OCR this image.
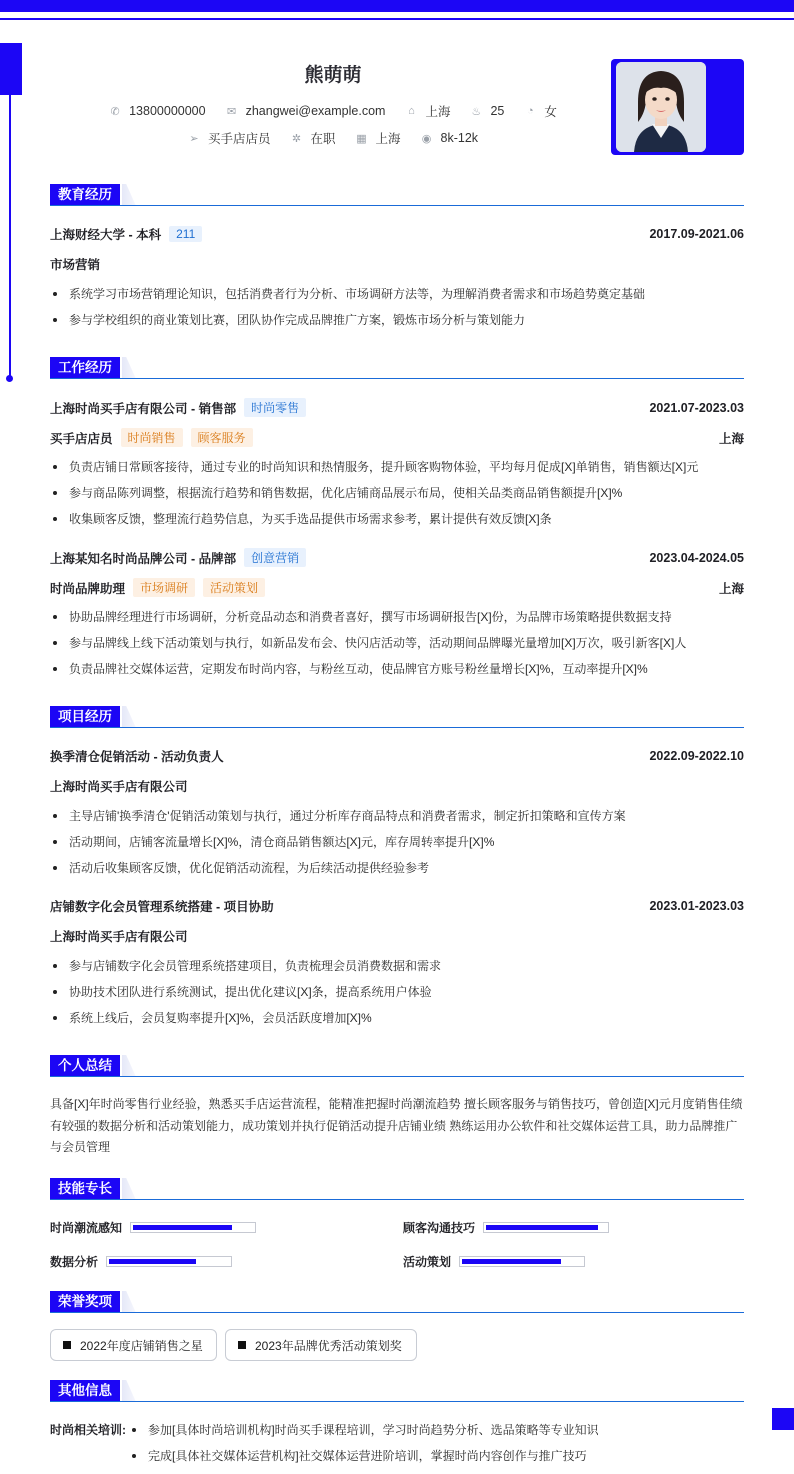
熊萌萌
✆ 13800000000 ✉ zhangwei@example.com ⌂ 上海 ♨ 25 ◔ 女
➢ 买手店店员 ✲ 在职 ▦ 上海 ◉ 8k-12k
教育经历
上海财经大学 - 本科	211	2017.09-2021.06
市场营销
系统学习市场营销理论知识，包括消费者行为分析、市场调研方法等，为理解消费者需求和市场趋势奠定基础
参与学校组织的商业策划比赛，团队协作完成品牌推广方案，锻炼市场分析与策划能力
工作经历
上海时尚买手店有限公司 - 销售部	时尚零售	2021.07-2023.03
买手店店员	时尚销售	顾客服务	上海
负责店铺日常顾客接待，通过专业的时尚知识和热情服务，提升顾客购物体验，平均每月促成[X]单销售，销售额达[X]元
参与商品陈列调整，根据流行趋势和销售数据，优化店铺商品展示布局，使相关品类商品销售额提升[X]%
收集顾客反馈，整理流行趋势信息，为买手选品提供市场需求参考，累计提供有效反馈[X]条
上海某知名时尚品牌公司 - 品牌部	创意营销	2023.04-2024.05
时尚品牌助理	市场调研	活动策划	上海
协助品牌经理进行市场调研，分析竞品动态和消费者喜好，撰写市场调研报告[X]份，为品牌市场策略提供数据支持
参与品牌线上线下活动策划与执行，如新品发布会、快闪店活动等，活动期间品牌曝光量增加[X]万次，吸引新客[X]人
负责品牌社交媒体运营，定期发布时尚内容，与粉丝互动，使品牌官方账号粉丝量增长[X]%，互动率提升[X]%
项目经历
换季清仓促销活动 - 活动负责人	2022.09-2022.10
上海时尚买手店有限公司
主导店铺'换季清仓'促销活动策划与执行，通过分析库存商品特点和消费者需求，制定折扣策略和宣传方案
活动期间，店铺客流量增长[X]%，清仓商品销售额达[X]元，库存周转率提升[X]%
活动后收集顾客反馈，优化促销活动流程，为后续活动提供经验参考
店铺数字化会员管理系统搭建 - 项目协助	2023.01-2023.03
上海时尚买手店有限公司
参与店铺数字化会员管理系统搭建项目，负责梳理会员消费数据和需求
协助技术团队进行系统测试，提出优化建议[X]条，提高系统用户体验
系统上线后，会员复购率提升[X]%，会员活跃度增加[X]%
个人总结
具备[X]年时尚零售行业经验，熟悉买手店运营流程，能精准把握时尚潮流趋势 擅长顾客服务与销售技巧，曾创造[X]元月度销售佳绩 有较强的数据分析和活动策划能力，成功策划并执行促销活动提升店铺业绩 熟练运用办公软件和社交媒体运营工具，助力品牌推广与会员管理
技能专长
时尚潮流感知	顾客沟通技巧
数据分析	活动策划
荣誉奖项
2022年度店铺销售之星	2023年品牌优秀活动策划奖
其他信息
时尚相关培训: 参加[具体时尚培训机构]时尚买手课程培训，学习时尚趋势分析、选品策略等专业知识
完成[具体社交媒体运营机构]社交媒体运营进阶培训，掌握时尚内容创作与推广技巧
